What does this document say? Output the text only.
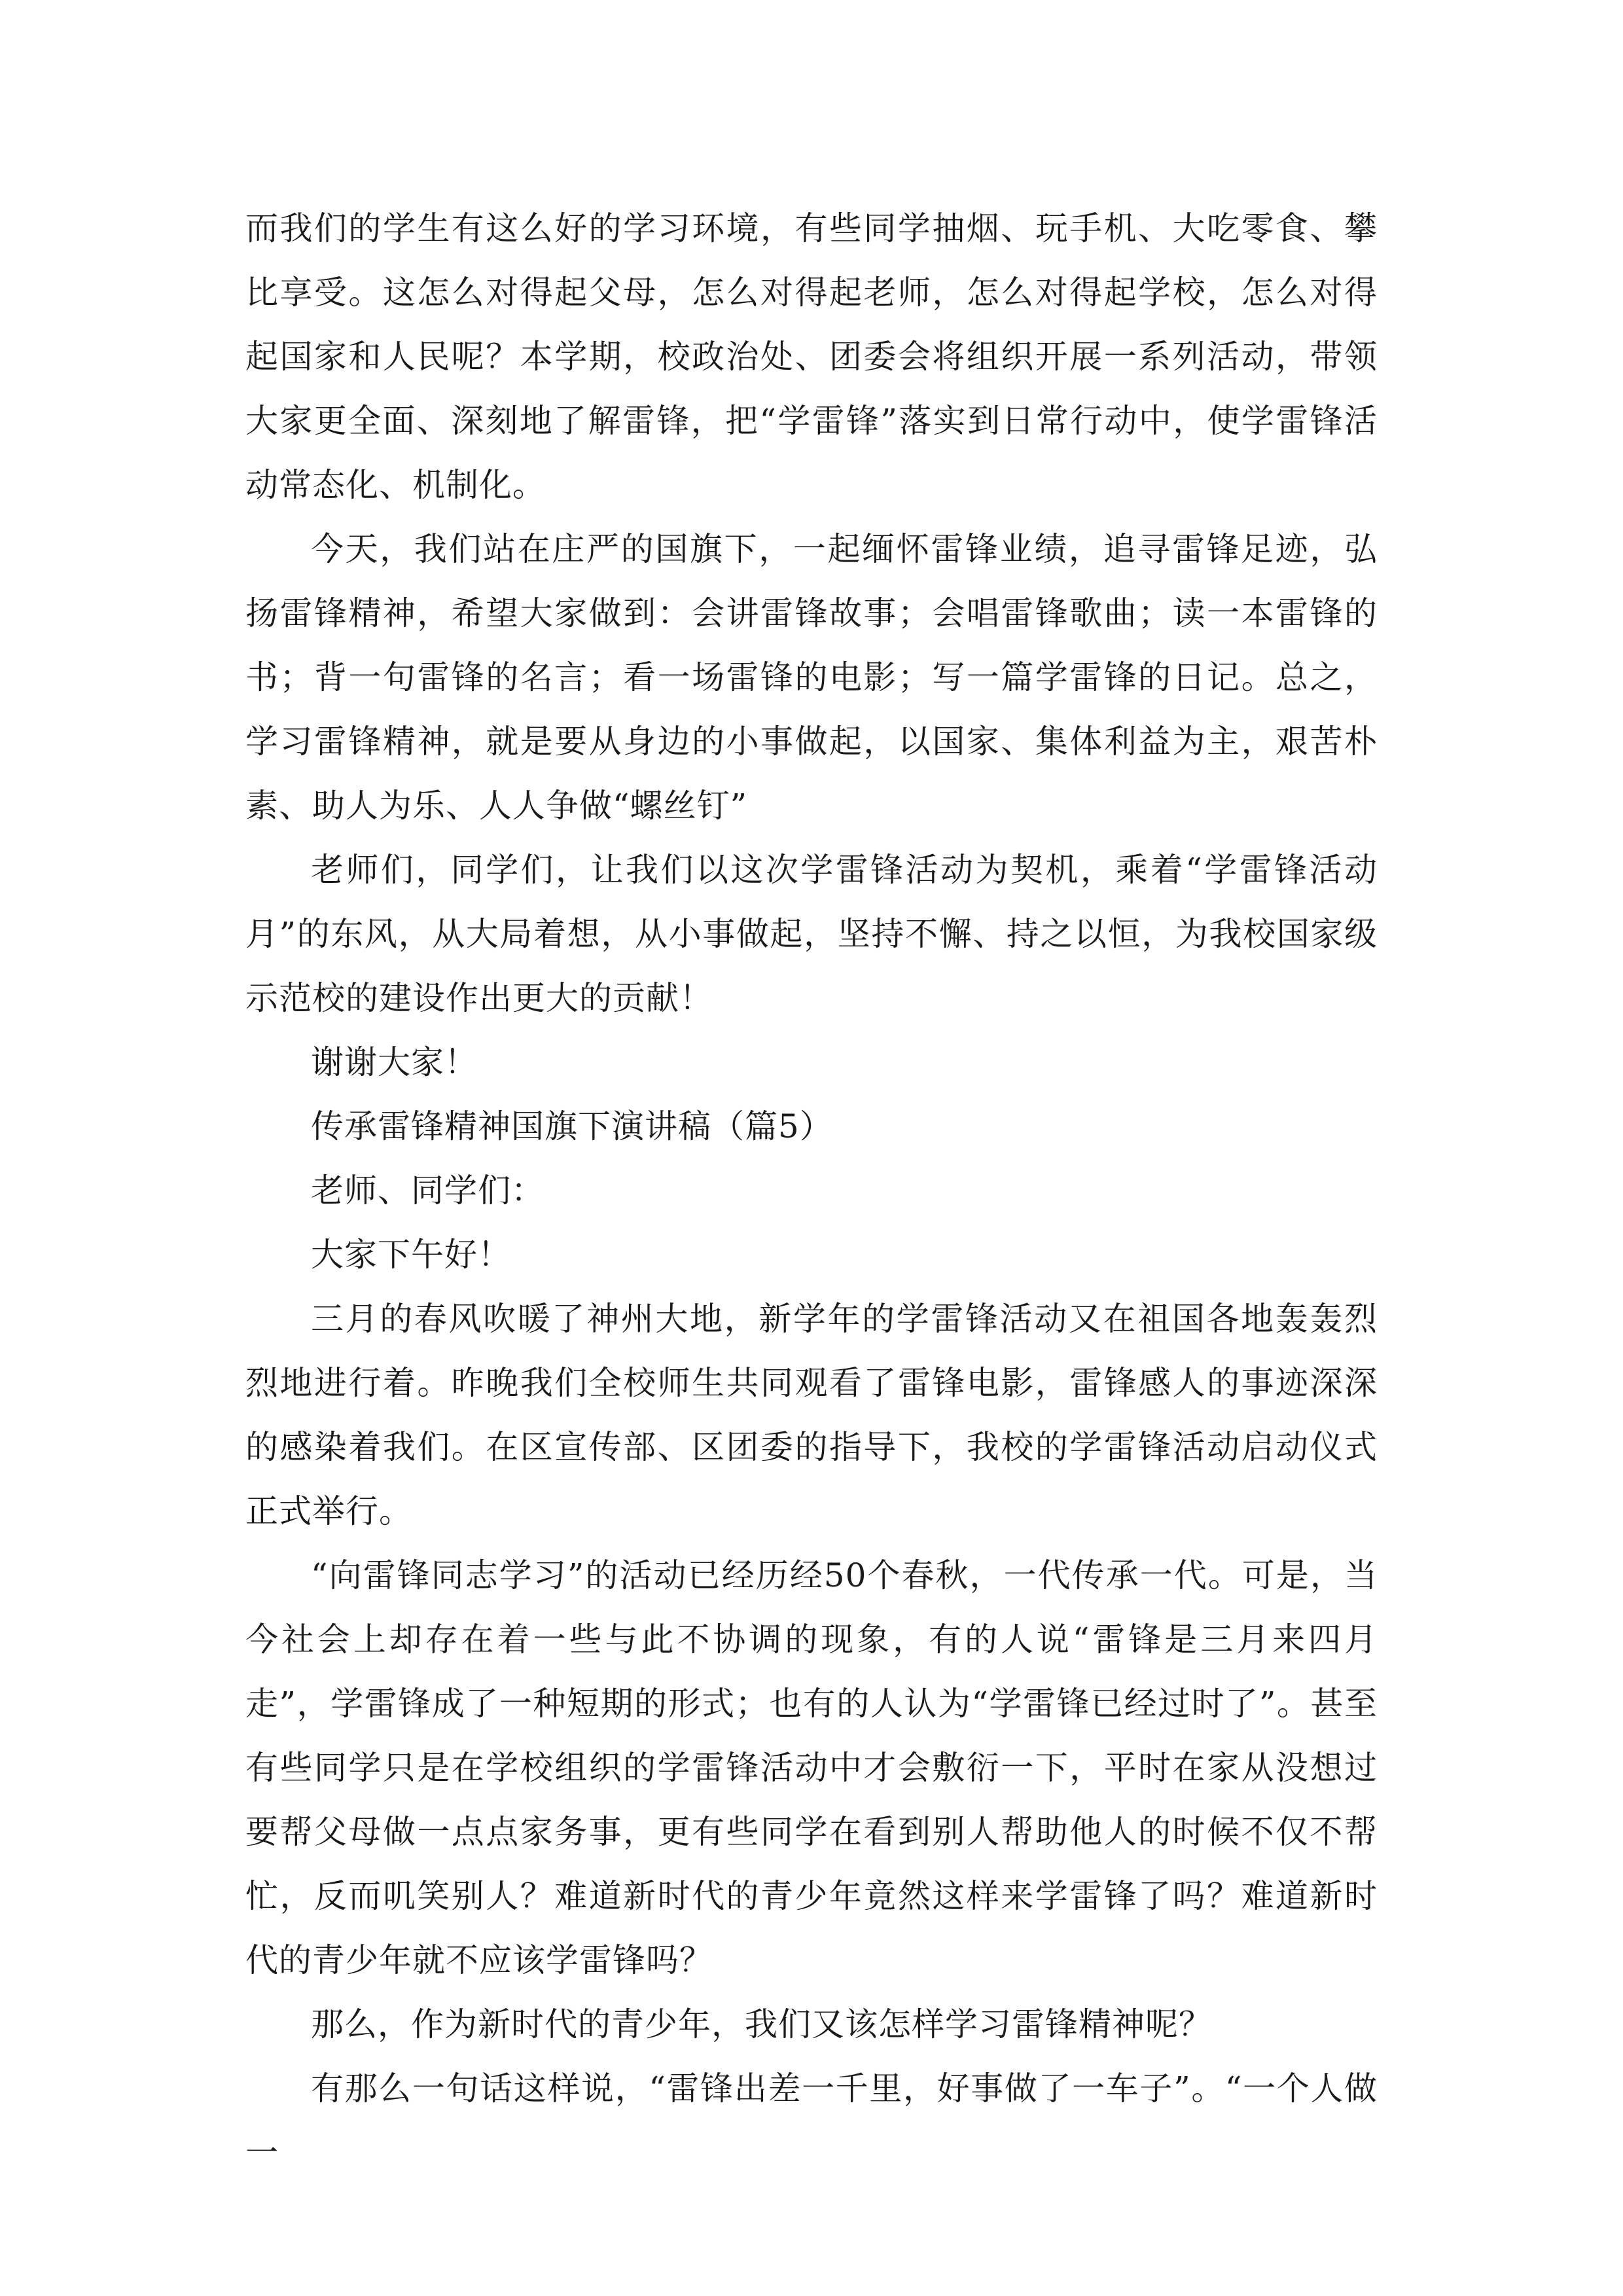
而我们的学生有这么好的学习环境，有些同学抽烟、玩手机、大吃零食、攀比享受。这怎么对得起父母，怎么对得起老师，怎么对得起学校，怎么对得起国家和人民呢？本学期，校政治处、团委会将组织开展一系列活动，带领大家更全面、深刻地了解雷锋，把“学雷锋”落实到日常行动中，使学雷锋活动常态化、机制化。

今天，我们站在庄严的国旗下，一起缅怀雷锋业绩，追寻雷锋足迹，弘扬雷锋精神，希望大家做到：会讲雷锋故事；会唱雷锋歌曲；读一本雷锋的书；背一句雷锋的名言；看一场雷锋的电影；写一篇学雷锋的日记。总之，学习雷锋精神，就是要从身边的小事做起，以国家、集体利益为主，艰苦朴素、助人为乐、人人争做“螺丝钉”

老师们，同学们，让我们以这次学雷锋活动为契机，乘着“学雷锋活动月”的东风，从大局着想，从小事做起，坚持不懈、持之以恒，为我校国家级示范校的建设作出更大的贡献！

谢谢大家！

传承雷锋精神国旗下演讲稿（篇5）

老师、同学们：

大家下午好！

三月的春风吹暖了神州大地，新学年的学雷锋活动又在祖国各地轰轰烈烈地进行着。昨晚我们全校师生共同观看了雷锋电影，雷锋感人的事迹深深的感染着我们。在区宣传部、区团委的指导下，我校的学雷锋活动启动仪式正式举行。

“向雷锋同志学习”的活动已经历经50个春秋，一代传承一代。可是，当今社会上却存在着一些与此不协调的现象，有的人说“雷锋是三月来四月走”，学雷锋成了一种短期的形式；也有的人认为“学雷锋已经过时了”。甚至有些同学只是在学校组织的学雷锋活动中才会敷衍一下，平时在家从没想过要帮父母做一点点家务事，更有些同学在看到别人帮助他人的时候不仅不帮忙，反而叽笑别人？难道新时代的青少年竟然这样来学雷锋了吗？难道新时代的青少年就不应该学雷锋吗？

那么，作为新时代的青少年，我们又该怎样学习雷锋精神呢？

有那么一句话这样说，“雷锋出差一千里，好事做了一车子”。“一个人做一
